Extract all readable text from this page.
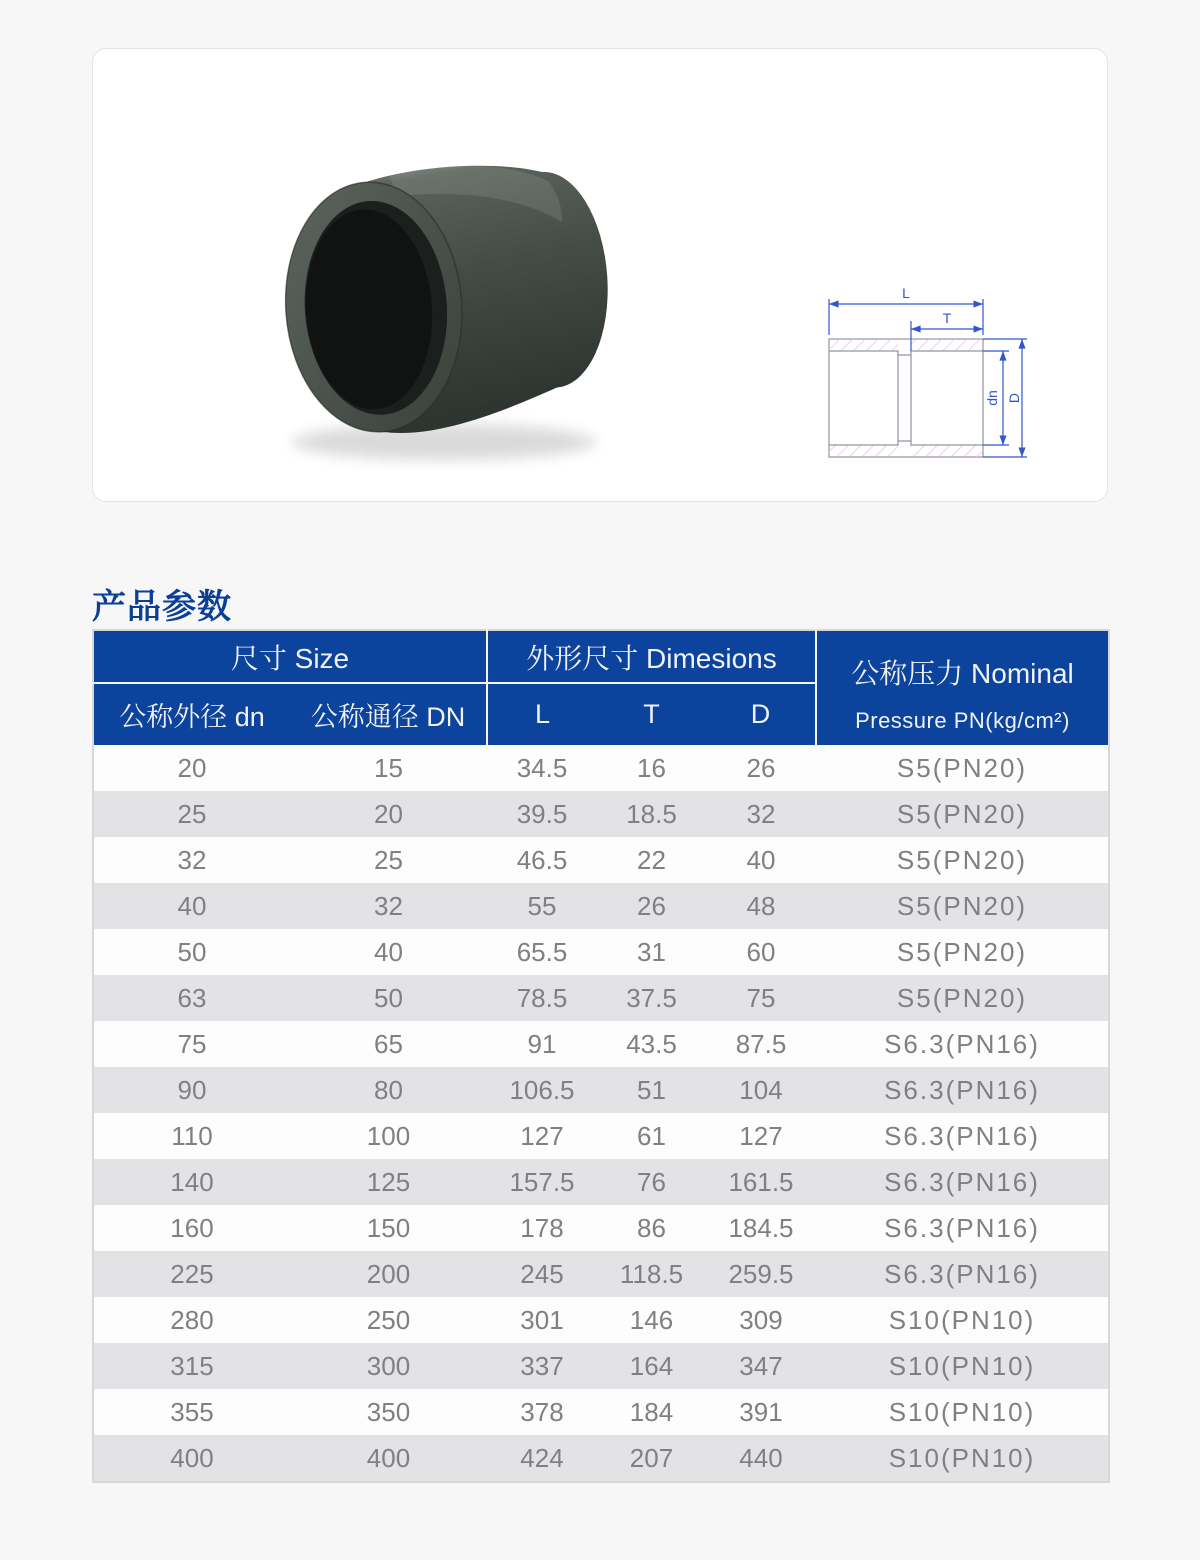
L
T
dn D
产品参数
尺寸 Size		外形尺寸 Dimesions			公称压力 Nominal
Pressure PN(kg/cm²)

公称外径 dn	公称通径 DN	L	T	D	
20	15	34.5	16	26	S5(PN20)
25	20	39.5	18.5	32	S5(PN20)
32	25	46.5	22	40	S5(PN20)
40	32	55	26	48	S5(PN20)
50	40	65.5	31	60	S5(PN20)
63	50	78.5	37.5	75	S5(PN20)
75	65	91	43.5	87.5	S6.3(PN16)
90	80	106.5	51	104	S6.3(PN16)
110	100	127	61	127	S6.3(PN16)
140	125	157.5	76	161.5	S6.3(PN16)
160	150	178	86	184.5	S6.3(PN16)
225	200	245	118.5	259.5	S6.3(PN16)
280	250	301	146	309	S10(PN10)
315	300	337	164	347	S10(PN10)
355	350	378	184	391	S10(PN10)
400	400	424	207	440	S10(PN10)
